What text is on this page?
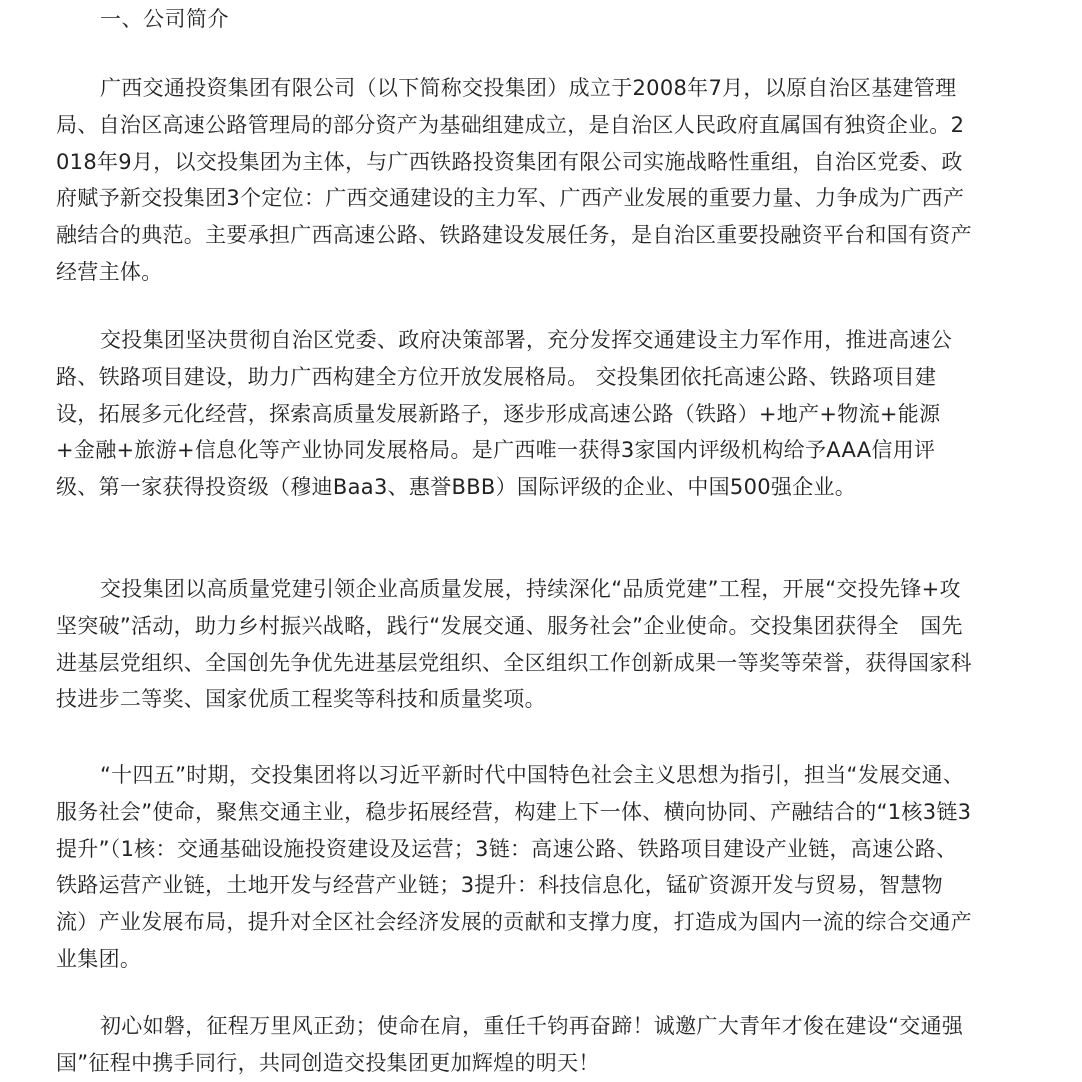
一、公司简介

广西交通投资集团有限公司（以下简称交投集团）成立于2008年7月，以原自治区基建管理局、自治区高速公路管理局的部分资产为基础组建成立，是自治区人民政府直属国有独资企业。2018年9月，以交投集团为主体，与广西铁路投资集团有限公司实施战略性重组，自治区党委、政府赋予新交投集团3个定位：广西交通建设的主力军、广西产业发展的重要力量、力争成为广西产融结合的典范。主要承担广西高速公路、铁路建设发展任务，是自治区重要投融资平台和国有资产经营主体。

交投集团坚决贯彻自治区党委、政府决策部署，充分发挥交通建设主力军作用，推进高速公路、铁路项目建设，助力广西构建全方位开放发展格局。 交投集团依托高速公路、铁路项目建设，拓展多元化经营，探索高质量发展新路子，逐步形成高速公路（铁路）+地产+物流+能源+金融+旅游+信息化等产业协同发展格局。是广西唯一获得3家国内评级机构给予AAA信用评级、第一家获得投资级（穆迪Baa3、惠誉BBB）国际评级的企业、中国500强企业。

交投集团以高质量党建引领企业高质量发展，持续深化“品质党建”工程，开展“交投先锋+攻坚突破”活动，助力乡村振兴战略，践行“发展交通、服务社会”企业使命。交投集团获得全　国先进基层党组织、全国创先争优先进基层党组织、全区组织工作创新成果一等奖等荣誉，获得国家科技进步二等奖、国家优质工程奖等科技和质量奖项。

“十四五”时期，交投集团将以习近平新时代中国特色社会主义思想为指引，担当“发展交通、服务社会”使命，聚焦交通主业，稳步拓展经营，构建上下一体、横向协同、产融结合的“1核3链3提升”（1核：交通基础设施投资建设及运营；3链：高速公路、铁路项目建设产业链，高速公路、铁路运营产业链，土地开发与经营产业链；3提升：科技信息化，锰矿资源开发与贸易，智慧物流）产业发展布局，提升对全区社会经济发展的贡献和支撑力度，打造成为国内一流的综合交通产业集团。

初心如磐，征程万里风正劲；使命在肩，重任千钧再奋蹄！诚邀广大青年才俊在建设“交通强国”征程中携手同行，共同创造交投集团更加辉煌的明天！
